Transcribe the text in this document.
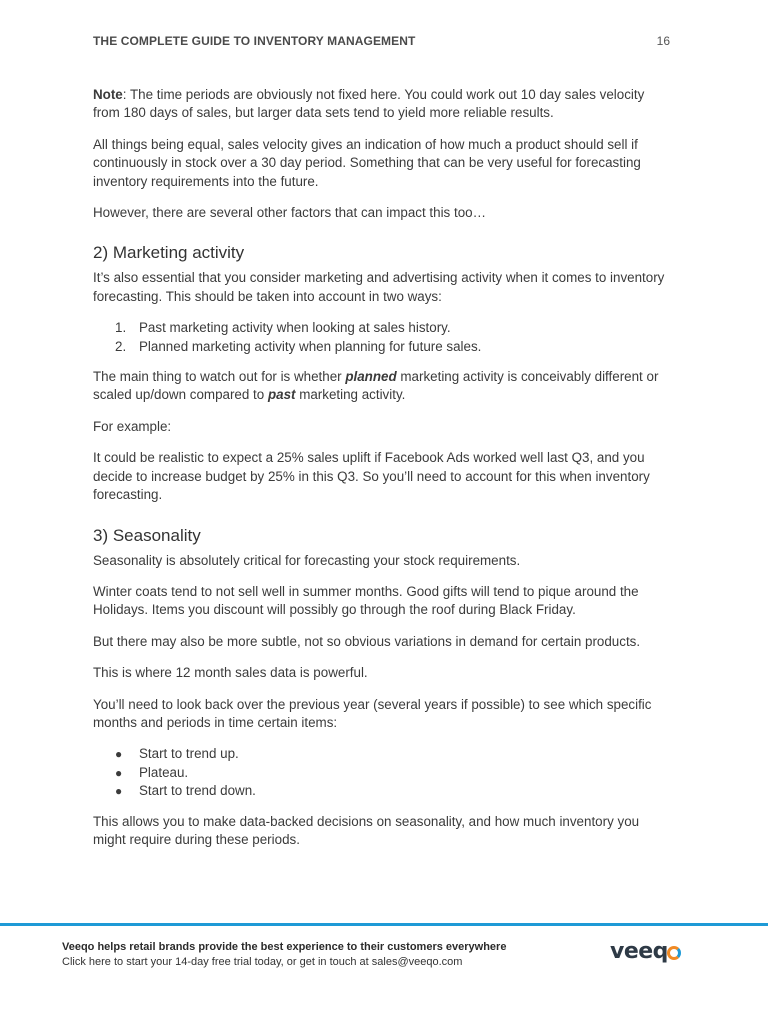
THE COMPLETE GUIDE TO INVENTORY MANAGEMENT	16

Note: The time periods are obviously not fixed here. You could work out 10 day sales velocity from 180 days of sales, but larger data sets tend to yield more reliable results.

All things being equal, sales velocity gives an indication of how much a product should sell if continuously in stock over a 30 day period. Something that can be very useful for forecasting inventory requirements into the future.

However, there are several other factors that can impact this too…

2) Marketing activity

It’s also essential that you consider marketing and advertising activity when it comes to inventory forecasting. This should be taken into account in two ways:

1. Past marketing activity when looking at sales history.
2. Planned marketing activity when planning for future sales.

The main thing to watch out for is whether planned marketing activity is conceivably different or scaled up/down compared to past marketing activity.

For example:

It could be realistic to expect a 25% sales uplift if Facebook Ads worked well last Q3, and you decide to increase budget by 25% in this Q3. So you’ll need to account for this when inventory forecasting.

3) Seasonality

Seasonality is absolutely critical for forecasting your stock requirements.

Winter coats tend to not sell well in summer months. Good gifts will tend to pique around the Holidays. Items you discount will possibly go through the roof during Black Friday.

But there may also be more subtle, not so obvious variations in demand for certain products.

This is where 12 month sales data is powerful.

You’ll need to look back over the previous year (several years if possible) to see which specific months and periods in time certain items:

●	Start to trend up.
●	Plateau.
●	Start to trend down.

This allows you to make data-backed decisions on seasonality, and how much inventory you might require during these periods.

Veeqo helps retail brands provide the best experience to their customers everywhere
Click here to start your 14-day free trial today, or get in touch at sales@veeqo.com	veeq
